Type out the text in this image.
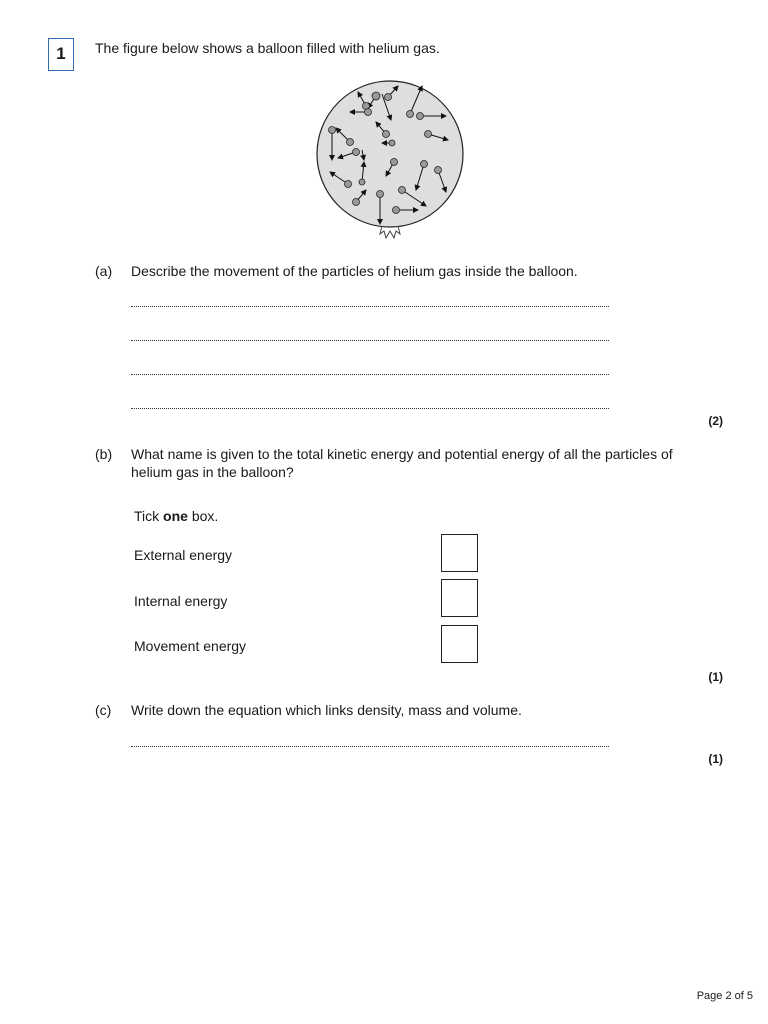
1	The figure below shows a balloon filled with helium gas.
(a) Describe the movement of the particles of helium gas inside the balloon.
(2)
(b) What name is given to the total kinetic energy and potential energy of all the particles of
helium gas in the balloon?
Tick one box.
External energy
Internal energy
Movement energy
(1)
(c) Write down the equation which links density, mass and volume.
(1)
Page 2 of 5
